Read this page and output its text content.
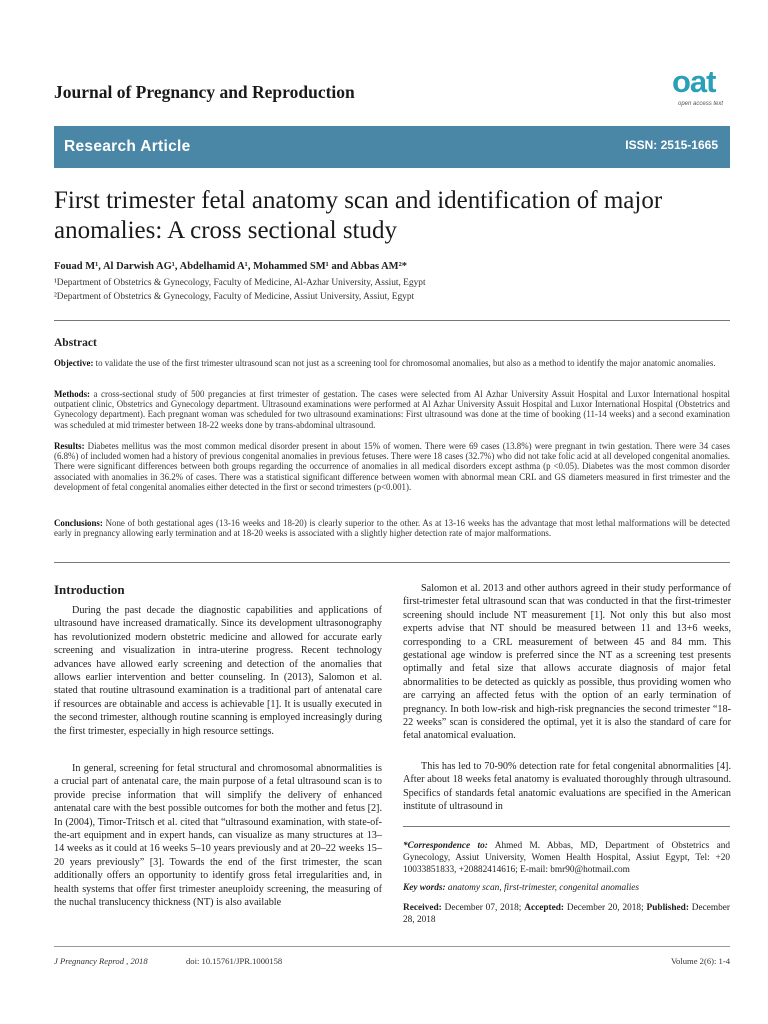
Journal of Pregnancy and Reproduction	oat
open access text
Research Article	ISSN: 2515-1665
First trimester fetal anatomy scan and identification of major anomalies: A cross sectional study
Fouad M¹, Al Darwish AG¹, Abdelhamid A¹, Mohammed SM¹ and Abbas AM²*
¹Department of Obstetrics & Gynecology, Faculty of Medicine, Al-Azhar University, Assiut, Egypt
²Department of Obstetrics & Gynecology, Faculty of Medicine, Assiut University, Assiut, Egypt
Abstract

Objective: to validate the use of the first trimester ultrasound scan not just as a screening tool for chromosomal anomalies, but also as a method to identify the major anatomic anomalies.

Methods: a cross-sectional study of 500 pregancies at first trimester of gestation. The cases were selected from Al Azhar University Assuit Hospital and Luxor International hospital outpatient clinic, Obstetrics and Gynecology department. Ultrasound examinations were performed at Al Azhar University Assuit Hospital and Luxor International Hospital (Obstetrics and Gynecology department). Each pregnant woman was scheduled for two ultrasound examinations: First ultrasound was done at the time of booking (11-14 weeks) and a second examination was scheduled at mid trimester between 18-22 weeks done by trans-abdominal ultrasound.

Results: Diabetes mellitus was the most common medical disorder present in about 15% of women. There were 69 cases (13.8%) were pregnant in twin gestation. There were 34 cases (6.8%) of included women had a history of previous congenital anomalies in previous fetuses. There were 18 cases (32.7%) who did not take folic acid at all developed congenital anomalies. There were significant differences between both groups regarding the occurrence of anomalies in all medical disorders except asthma (p <0.05). Diabetes was the most common disorder associated with anomalies in 36.2% of cases. There was a statistical significant difference between women with abnormal mean CRL and GS diameters measured in first trimester and the development of fetal congenital anomalies either detected in the first or second trimesters (p<0.001).

Conclusions: None of both gestational ages (13-16 weeks and 18-20) is clearly superior to the other. As at 13-16 weeks has the advantage that most lethal malformations will be detected early in pregnancy allowing early termination and at 18-20 weeks is associated with a slightly higher detection rate of major malformations.

Introduction

During the past decade the diagnostic capabilities and applications of ultrasound have increased dramatically. Since its development ultrasonography has revolutionized modern obstetric medicine and allowed for accurate early screening and visualization in intra-uterine progress. Recent technology advances have allowed early screening and detection of the anomalies that allows earlier intervention and better counseling. In (2013), Salomon et al. stated that routine ultrasound examination is a traditional part of antenatal care if resources are obtainable and access is achievable [1]. It is usually executed in the second trimester, although routine scanning is employed increasingly during the first trimester, especially in high resource settings.

In general, screening for fetal structural and chromosomal abnormalities is a crucial part of antenatal care, the main purpose of a fetal ultrasound scan is to provide precise information that will simplify the delivery of enhanced antenatal care with the best possible outcomes for both the mother and fetus [2]. In (2004), Timor-Tritsch et al. cited that “ultrasound examination, with state-of-the-art equipment and in expert hands, can visualize as many structures at 13–14 weeks as it could at 16 weeks 5–10 years previously and at 20–22 weeks 15–20 years previously” [3]. Towards the end of the first trimester, the scan additionally offers an opportunity to identify gross fetal irregularities and, in health systems that offer first trimester aneuploidy screening, the measuring of the nuchal translucency thickness (NT) is also available

Salomon et al. 2013 and other authors agreed in their study performance of first-trimester fetal ultrasound scan that was conducted in that the first-trimester screening should include NT measurement [1]. Not only this but also most experts advise that NT should be measured between 11 and 13+6 weeks, corresponding to a CRL measurement of between 45 and 84 mm. This gestational age window is preferred since the NT as a screening test presents optimally and fetal size that allows accurate diagnosis of major fetal abnormalities to be detected as quickly as possible, thus providing women who are carrying an affected fetus with the option of an early termination of pregnancy. In both low-risk and high-risk pregnancies the second trimester “18- 22 weeks” scan is considered the optimal, yet it is also the standard of care for fetal anatomical evaluation.

This has led to 70-90% detection rate for fetal congenital abnormalities [4]. After about 18 weeks fetal anatomy is evaluated thoroughly through ultrasound. Specifics of standards fetal anatomic evaluations are specified in the American institute of ultrasound in

*Correspondence to: Ahmed M. Abbas, MD, Department of Obstetrics and Gynecology, Assiut University, Women Health Hospital, Assiut Egypt, Tel: +20 10033851833, +20882414616; E-mail: bmr90@hotmail.com

Key words: anatomy scan, first-trimester, congenital anomalies

Received: December 07, 2018; Accepted: December 20, 2018; Published: December 28, 2018

J Pregnancy Reprod , 2018	doi: 10.15761/JPR.1000158	Volume 2(6): 1-4
